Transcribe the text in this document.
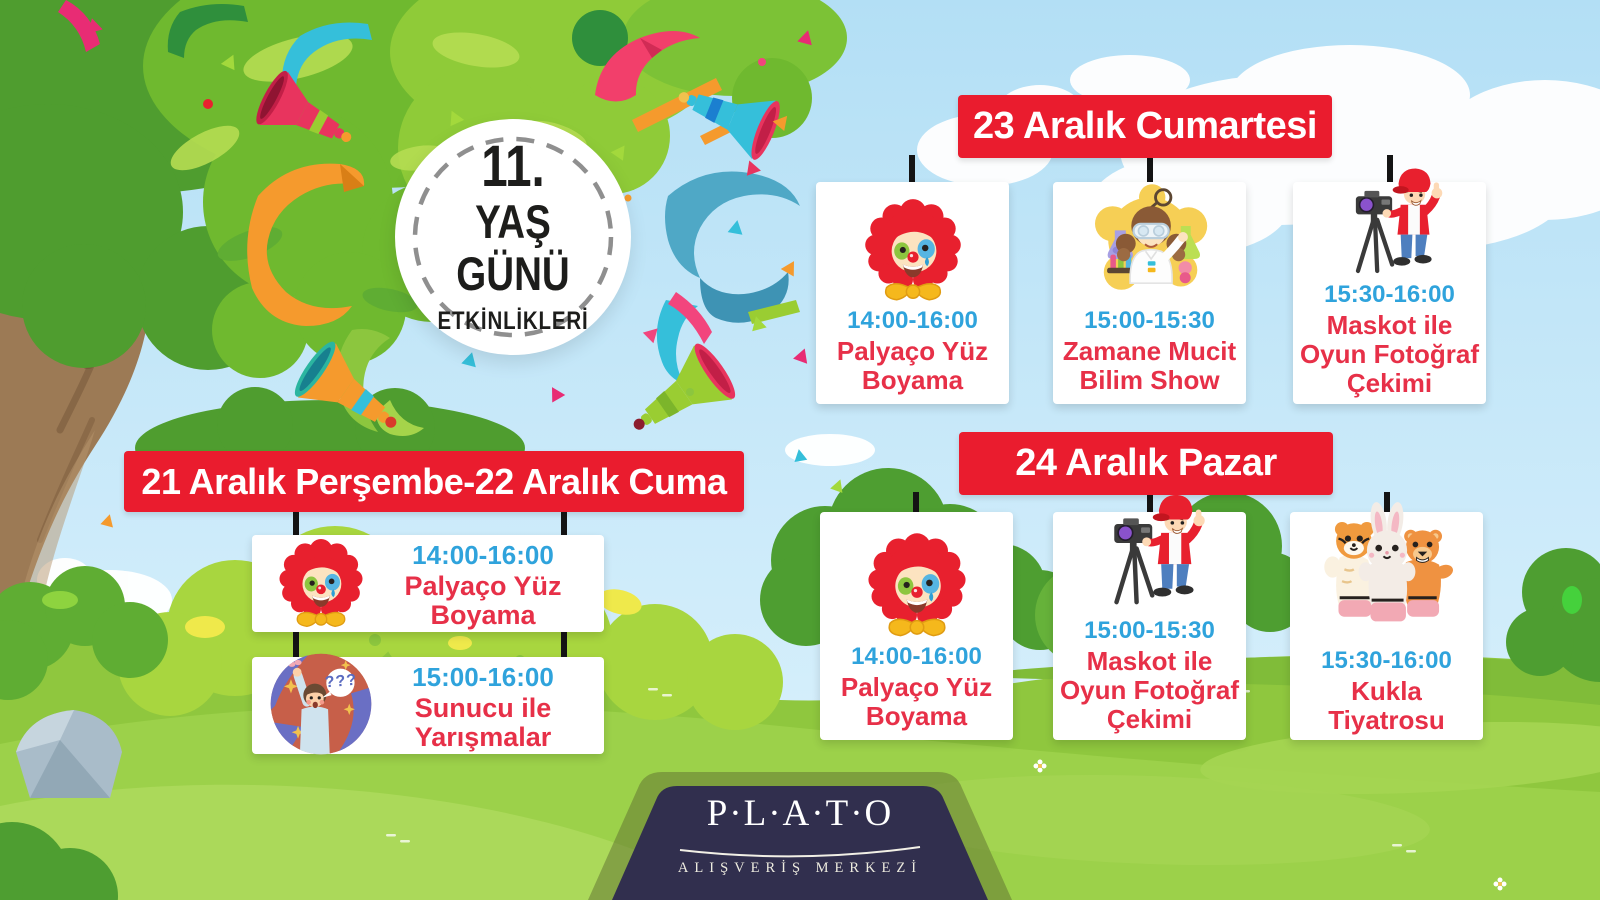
23 Aralık Cumartesi
14:00-16:00
Palyaço Yüz
Boyama
15:00-15:30
Zamane Mucit
Bilim Show
15:30-16:00
Maskot ile
Oyun Fotoğraf
Çekimi
24 Aralık Pazar
14:00-16:00
Palyaço Yüz
Boyama
15:00-15:30
Maskot ile
Oyun Fotoğraf
Çekimi
15:30-16:00
Kukla
Tiyatrosu
21 Aralık Perşembe-22 Aralık Cuma
14:00-16:00
Palyaço Yüz
Boyama
???	15:00-16:00
Sunucu ile
Yarışmalar
11.
YAŞ GÜNÜ
ETKİNLİKLERİ
P·L·A·T·O
ALIŞVERİŞ MERKEZİ
